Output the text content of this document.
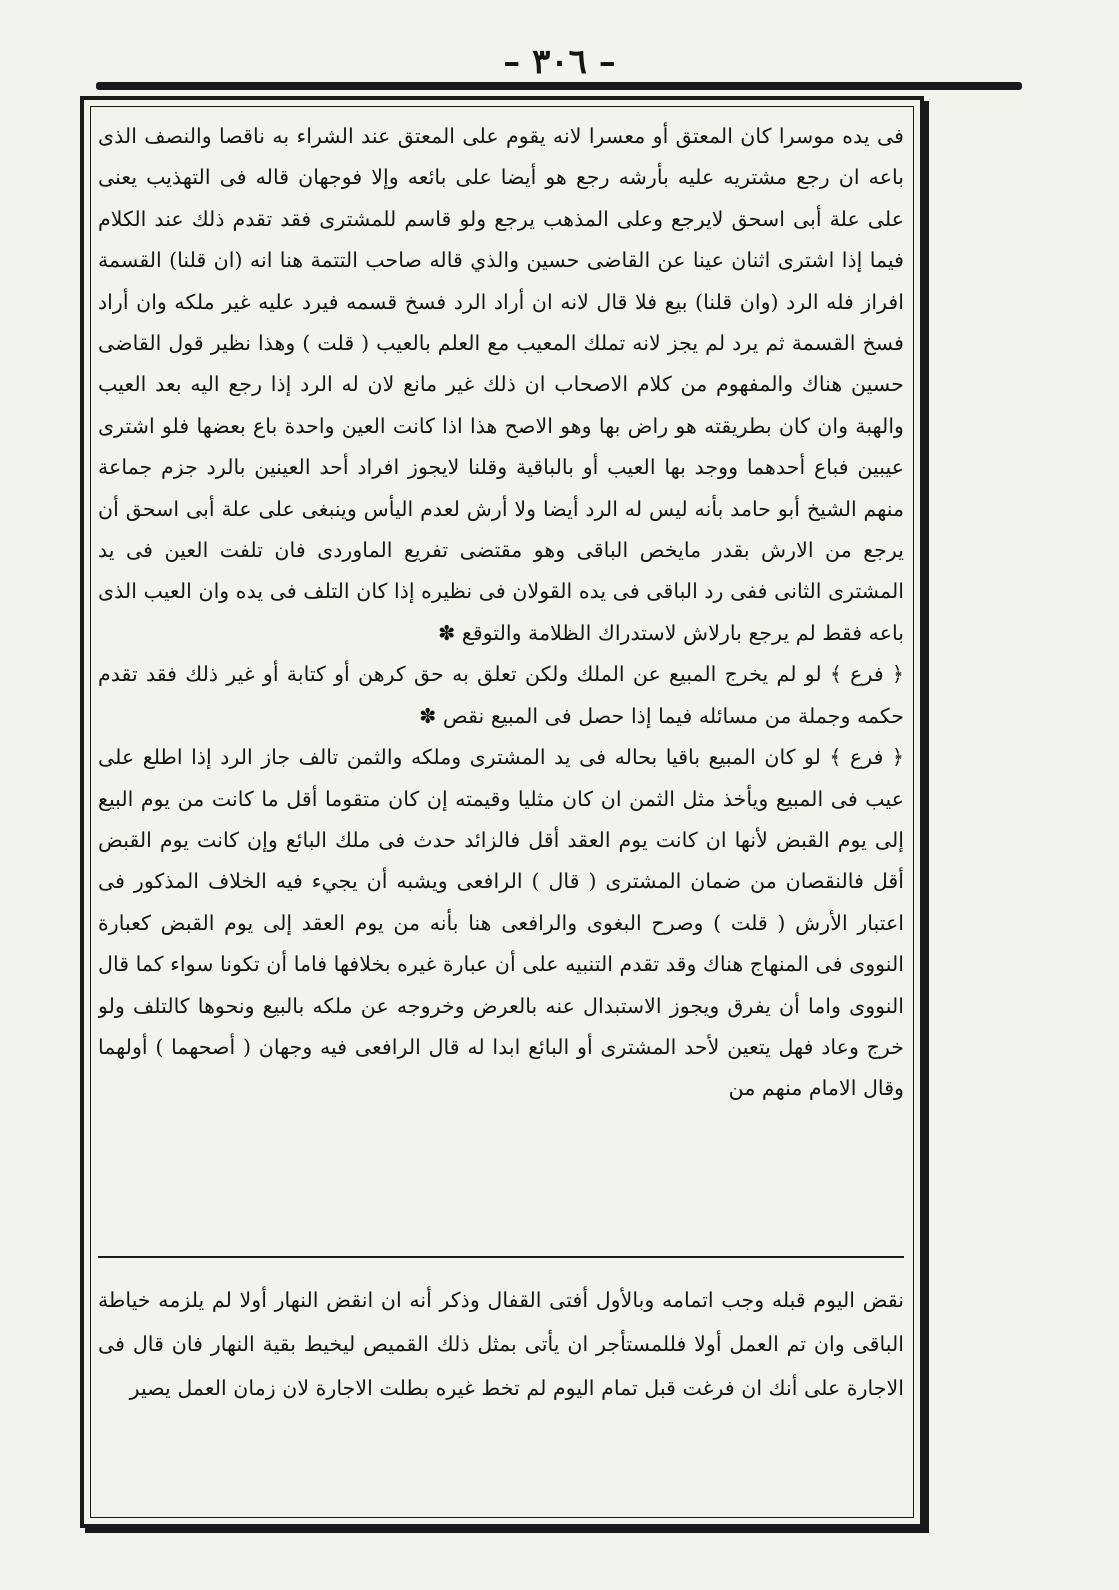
– ٣٠٦ –

فى يده موسرا كان المعتق أو معسرا لانه يقوم على المعتق عند الشراء به ناقصا والنصف الذى باعه ان رجع مشتريه عليه بأرشه رجع هو أيضا على بائعه وإلا فوجهان قاله فى التهذيب يعنى على علة أبى اسحق لايرجع وعلى المذهب يرجع ولو قاسم للمشترى فقد تقدم ذلك عند الكلام فيما إذا اشترى اثنان عينا عن القاضى حسين والذي قاله صاحب التتمة هنا انه (ان قلنا) القسمة افراز فله الرد (وان قلنا) بيع فلا قال لانه ان أراد الرد فسخ قسمه فيرد عليه غير ملكه وان أراد فسخ القسمة ثم يرد لم يجز لانه تملك المعيب مع العلم بالعيب ( قلت ) وهذا نظير قول القاضى حسين هناك والمفهوم من كلام الاصحاب ان ذلك غير مانع لان له الرد إذا رجع اليه بعد العيب والهبة وان كان بطريقته هو راض بها وهو الاصح هذا اذا كانت العين واحدة باع بعضها فلو اشترى عيبين فباع أحدهما ووجد بها العيب أو بالباقية وقلنا لايجوز افراد أحد العينين بالرد جزم جماعة منهم الشيخ أبو حامد بأنه ليس له الرد أيضا ولا أرش لعدم اليأس وينبغى على علة أبى اسحق أن يرجع من الارش بقدر مايخص الباقى وهو مقتضى تفريع الماوردى فان تلفت العين فى يد المشترى الثانى ففى رد الباقى فى يده القولان فى نظيره إذا كان التلف فى يده وان العيب الذى باعه فقط لم يرجع بارلاش لاستدراك الظلامة والتوقع ✽

﴿ فرع ﴾ لو لم يخرج المبيع عن الملك ولكن تعلق به حق كرهن أو كتابة أو غير ذلك فقد تقدم حكمه وجملة من مسائله فيما إذا حصل فى المبيع نقص ✽

﴿ فرع ﴾ لو كان المبيع باقيا بحاله فى يد المشترى وملكه والثمن تالف جاز الرد إذا اطلع على عيب فى المبيع ويأخذ مثل الثمن ان كان مثليا وقيمته إن كان متقوما أقل ما كانت من يوم البيع إلى يوم القبض لأنها ان كانت يوم العقد أقل فالزائد حدث فى ملك البائع وإن كانت يوم القبض أقل فالنقصان من ضمان المشترى ( قال ) الرافعى ويشبه أن يجيء فيه الخلاف المذكور فى اعتبار الأرش ( قلت ) وصرح البغوى والرافعى هنا بأنه من يوم العقد إلى يوم القبض كعبارة النووى فى المنهاج هناك وقد تقدم التنبيه على أن عبارة غيره بخلافها فاما أن تكونا سواء كما قال النووى واما أن يفرق ويجوز الاستبدال عنه بالعرض وخروجه عن ملكه بالبيع ونحوها كالتلف ولو خرج وعاد فهل يتعين لأحد المشترى أو البائع ابدا له قال الرافعى فيه وجهان ( أصحهما ) أولهما وقال الامام منهم من

نقض اليوم قبله وجب اتمامه وبالأول أفتى القفال وذكر أنه ان انقض النهار أولا لم يلزمه خياطة الباقى وان تم العمل أولا فللمستأجر ان يأتى بمثل ذلك القميص ليخيط بقية النهار فان قال فى الاجارة على أنك ان فرغت قبل تمام اليوم لم تخط غيره بطلت الاجارة لان زمان العمل يصير
